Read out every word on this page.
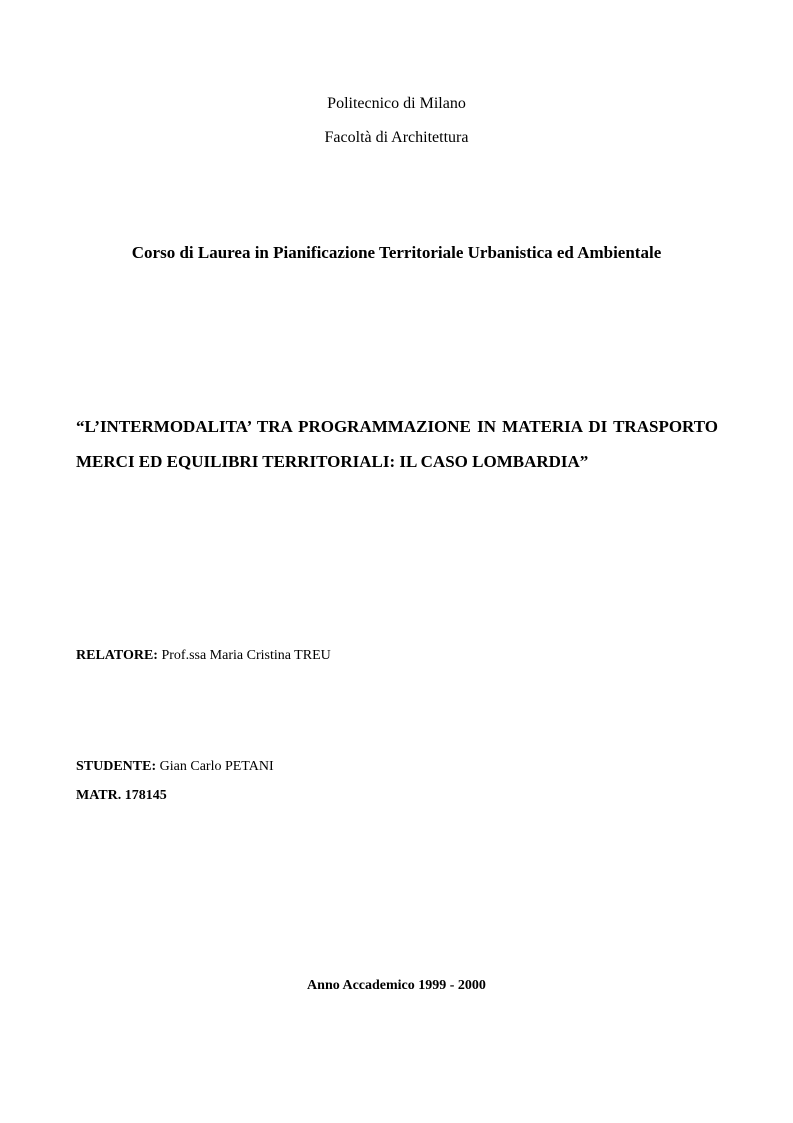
Politecnico di Milano

Facoltà di Architettura

Corso di Laurea in Pianificazione Territoriale Urbanistica ed Ambientale

“L’INTERMODALITA’ TRA PROGRAMMAZIONE IN MATERIA DI TRASPORTO MERCI ED EQUILIBRI TERRITORIALI: IL CASO LOMBARDIA”

RELATORE: Prof.ssa Maria Cristina TREU

STUDENTE: Gian Carlo PETANI

MATR. 178145

Anno Accademico 1999 - 2000
